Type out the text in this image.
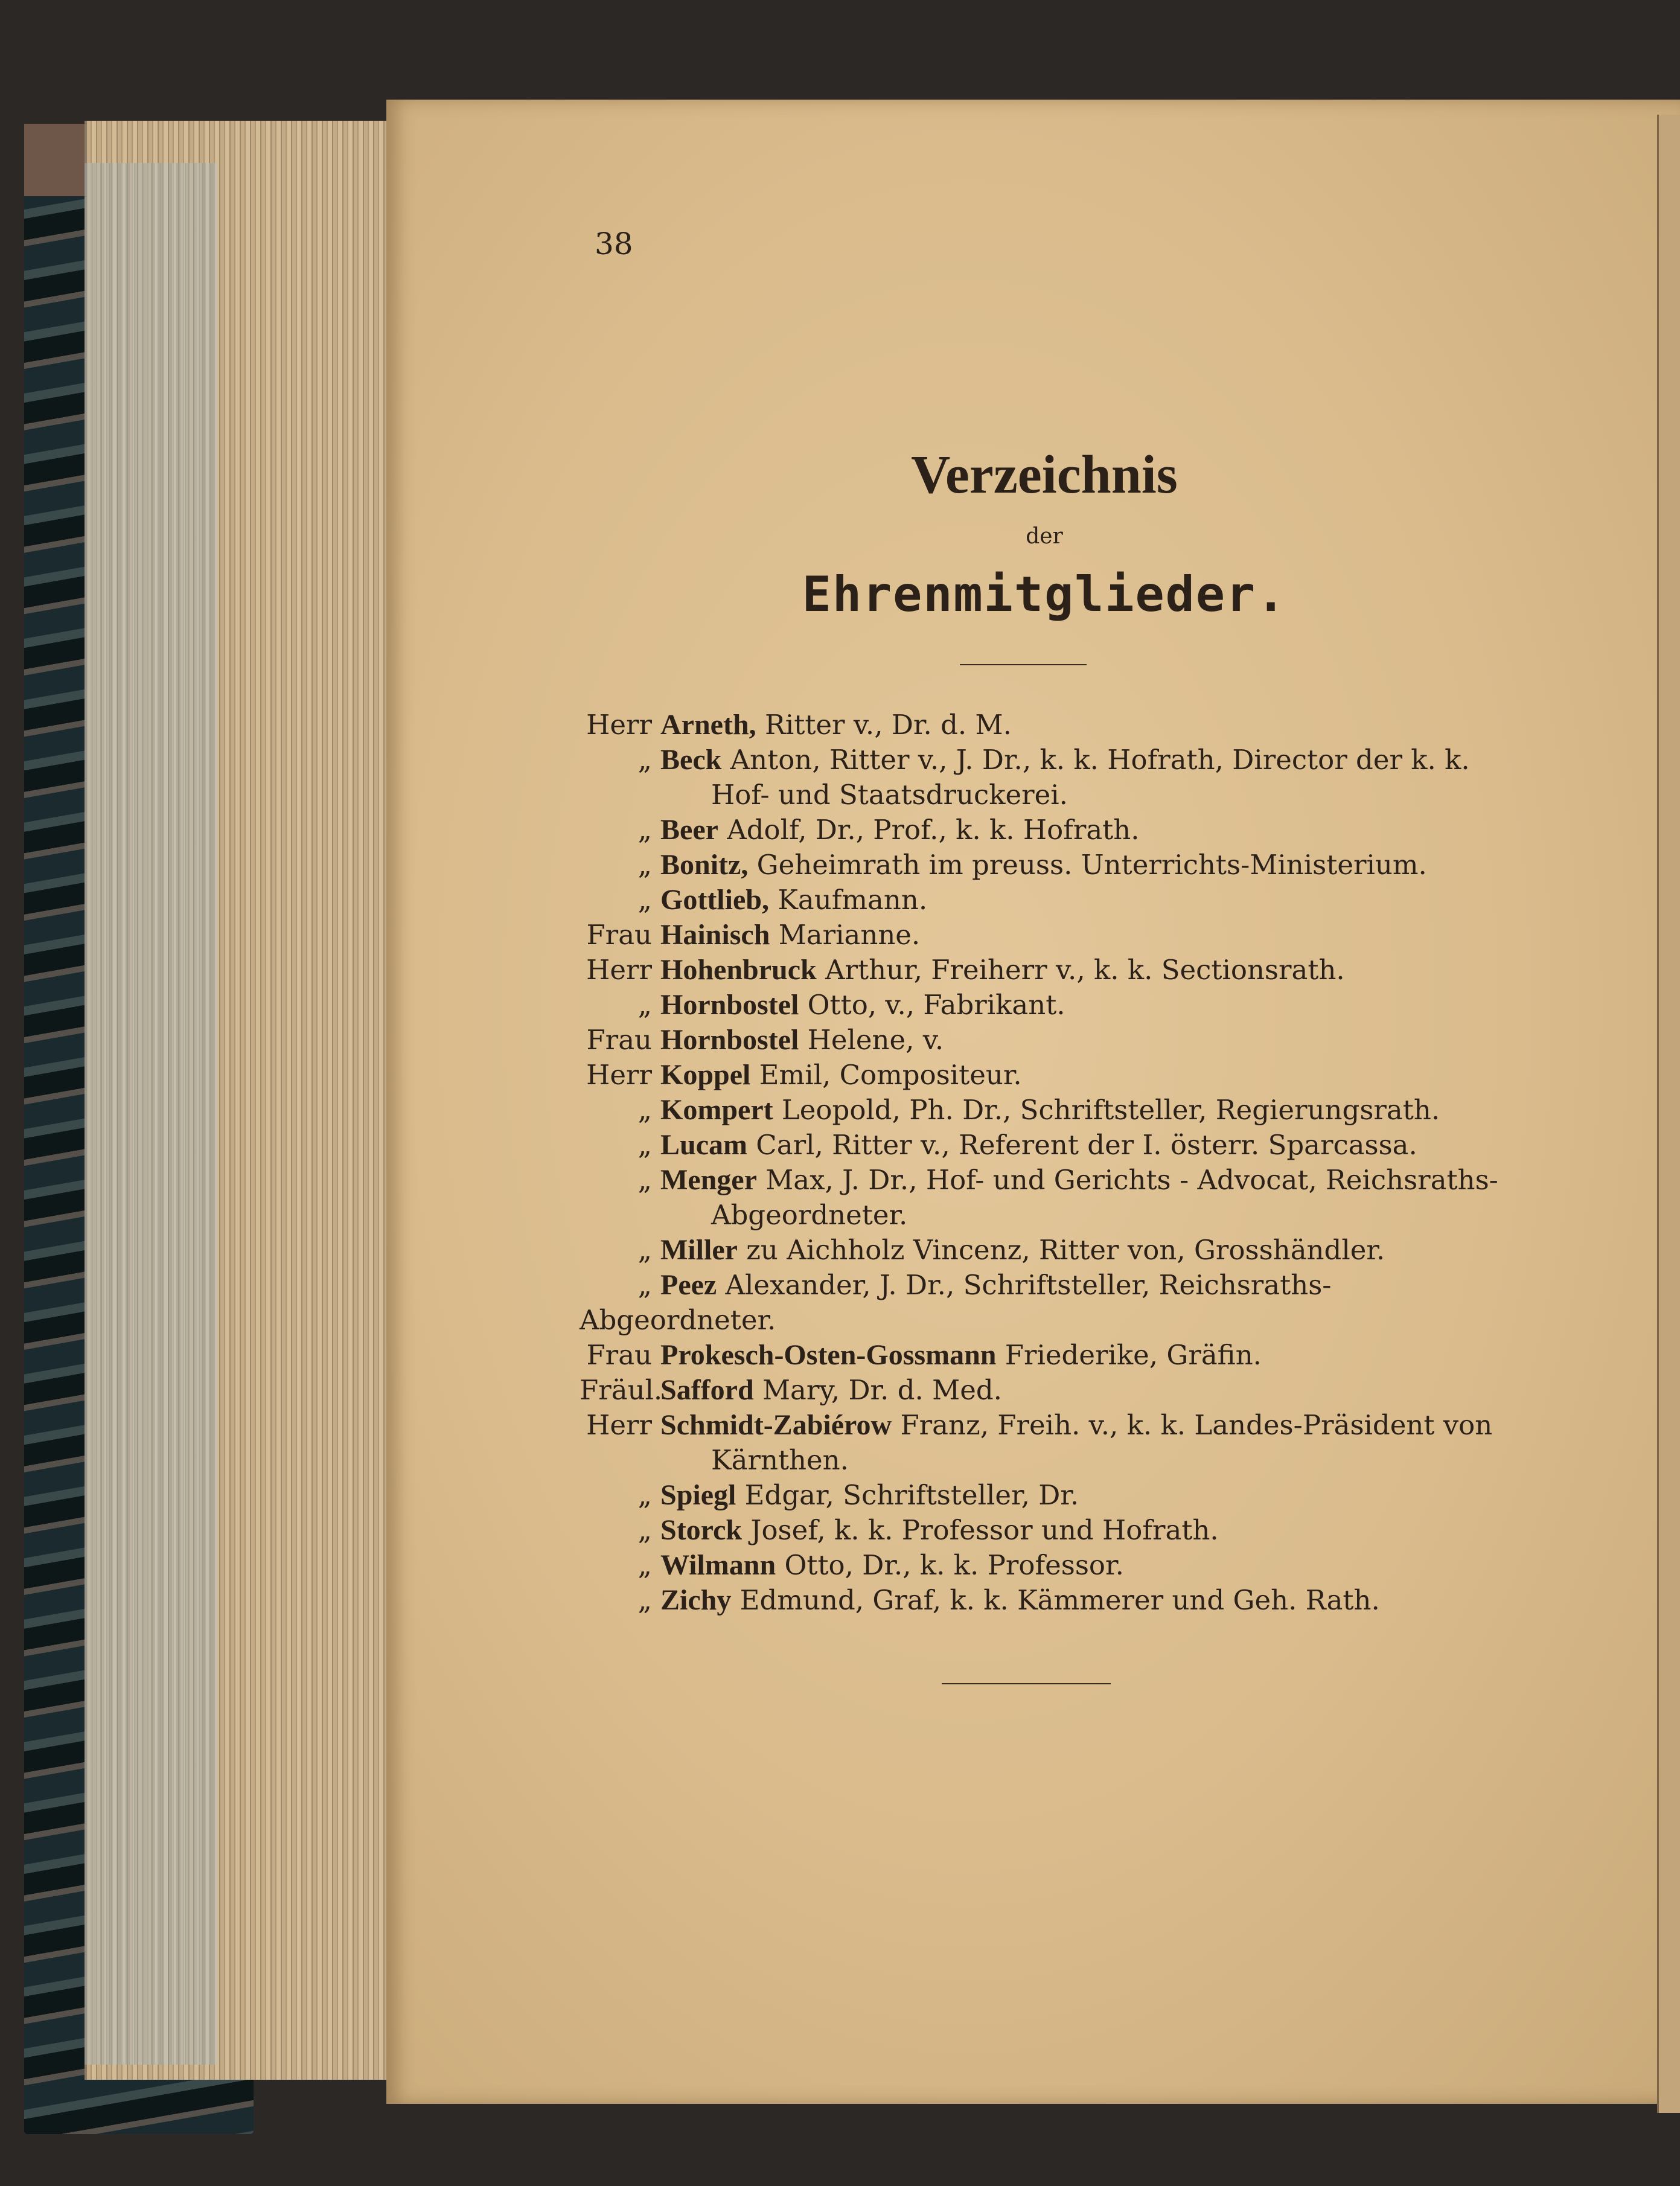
38
Verzeichnis
der
Ehrenmitglieder.
Herr Arneth, Ritter v., Dr. d. M.
„ Beck Anton, Ritter v., J. Dr., k. k. Hofrath, Director der k. k.
Hof- und Staatsdruckerei.
„ Beer Adolf, Dr., Prof., k. k. Hofrath.
„ Bonitz, Geheimrath im preuss. Unterrichts-Ministerium.
„ Gottlieb, Kaufmann.
Frau Hainisch Marianne.
Herr Hohenbruck Arthur, Freiherr v., k. k. Sectionsrath.
„ Hornbostel Otto, v., Fabrikant.
Frau Hornbostel Helene, v.
Herr Koppel Emil, Compositeur.
„ Kompert Leopold, Ph. Dr., Schriftsteller, Regierungsrath.
„ Lucam Carl, Ritter v., Referent der I. österr. Sparcassa.
„ Menger Max, J. Dr., Hof- und Gerichts - Advocat, Reichsraths-
Abgeordneter.
„ Miller zu Aichholz Vincenz, Ritter von, Grosshändler.
„ Peez Alexander, J. Dr., Schriftsteller, Reichsraths-Abgeordneter.
Frau Prokesch-Osten-Gossmann Friederike, Gräfin.
Fräul.Safford Mary, Dr. d. Med.
Herr Schmidt-Zabiérow Franz, Freih. v., k. k. Landes-Präsident von
Kärnthen.
„ Spiegl Edgar, Schriftsteller, Dr.
„ Storck Josef, k. k. Professor und Hofrath.
„ Wilmann Otto, Dr., k. k. Professor.
„ Zichy Edmund, Graf, k. k. Kämmerer und Geh. Rath.
